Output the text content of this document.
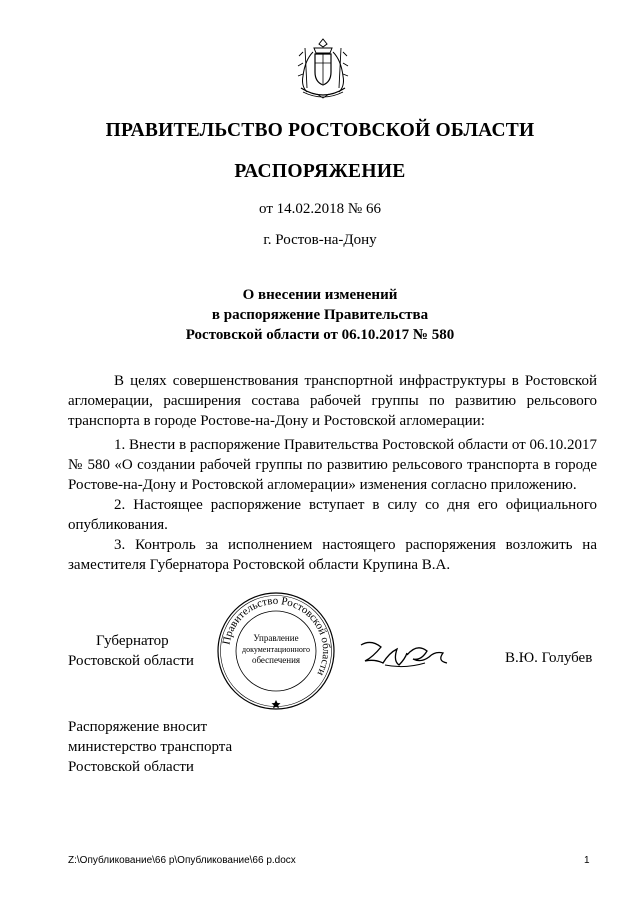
ПРАВИТЕЛЬСТВО РОСТОВСКОЙ ОБЛАСТИ
РАСПОРЯЖЕНИЕ
от 14.02.2018 № 66
г. Ростов-на-Дону
О внесении изменений
в распоряжение Правительства
Ростовской области от 06.10.2017 № 580

В целях совершенствования транспортной инфраструктуры в Ростовской агломерации, расширения состава рабочей группы по развитию рельсового транспорта в городе Ростове-на-Дону и Ростовской агломерации:

1. Внести в распоряжение Правительства Ростовской области от 06.10.2017 № 580 «О создании рабочей группы по развитию рельсового транспорта в городе Ростове-на-Дону и Ростовской агломерации» изменения согласно приложению.

2. Настоящее распоряжение вступает в силу со дня его официального опубликования.

3. Контроль за исполнением настоящего распоряжения возложить на заместителя Губернатора Ростовской области Крупина В.А.

Губернатор
Ростовской области
Правительство Ростовской области
Управление
документационного
обеспечения	В.Ю. Голубев
Распоряжение вносит
министерство транспорта
Ростовской области
Z:\Опубликование\66 р\Опубликование\66 р.docx	1
